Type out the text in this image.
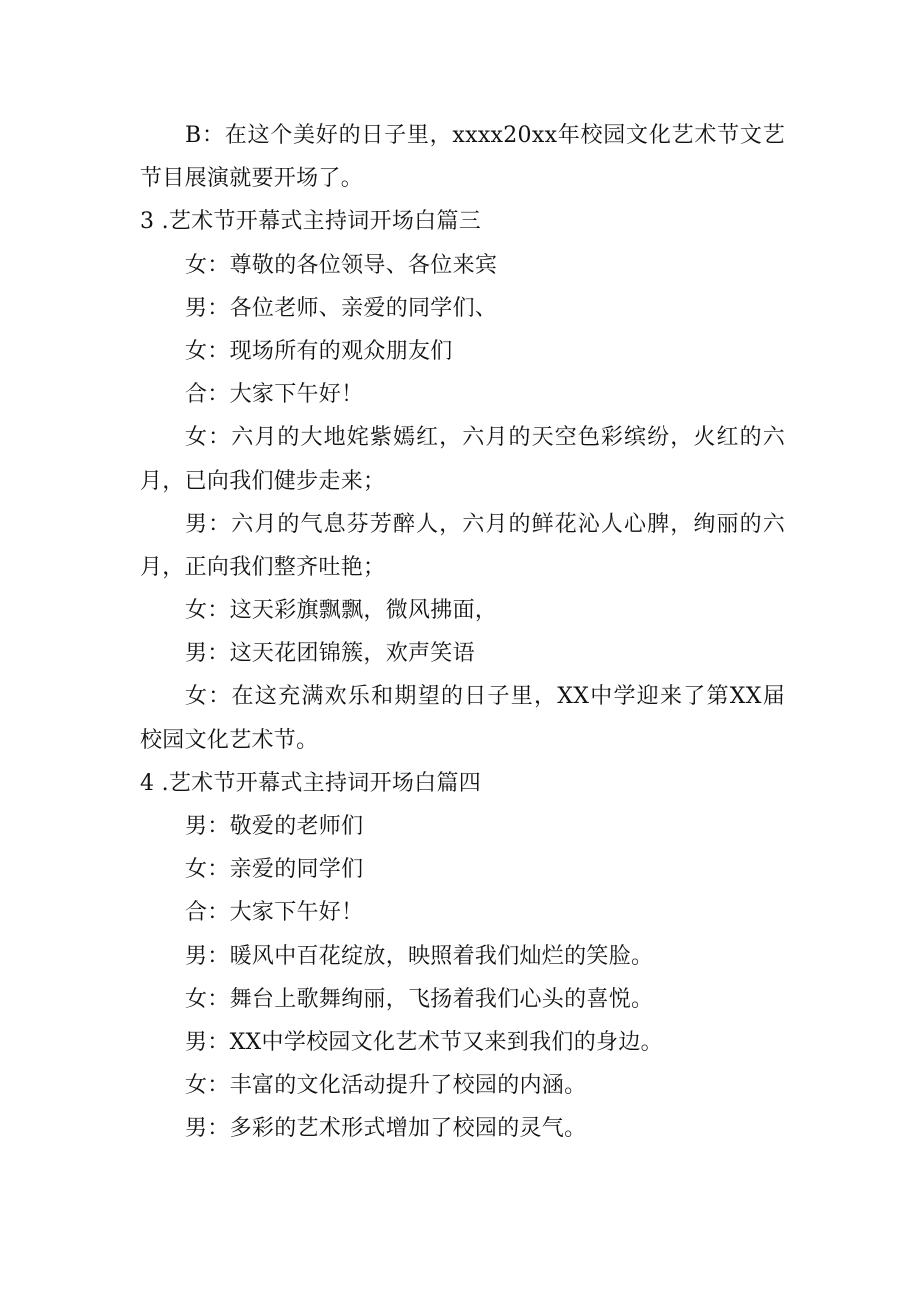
B：在这个美好的日子里，xxxx20xx年校园文化艺术节文艺
节目展演就要开场了。
3 .艺术节开幕式主持词开场白篇三
女：尊敬的各位领导、各位来宾
男：各位老师、亲爱的同学们、
女：现场所有的观众朋友们
合：大家下午好！
女：六月的大地姹紫嫣红，六月的天空色彩缤纷，火红的六
月，已向我们健步走来；
男：六月的气息芬芳醉人，六月的鲜花沁人心脾，绚丽的六
月，正向我们整齐吐艳；
女：这天彩旗飘飘，微风拂面，
男：这天花团锦簇，欢声笑语
女：在这充满欢乐和期望的日子里，XX中学迎来了第XX届
校园文化艺术节。
4 .艺术节开幕式主持词开场白篇四
男：敬爱的老师们
女：亲爱的同学们
合：大家下午好！
男：暖风中百花绽放，映照着我们灿烂的笑脸。
女：舞台上歌舞绚丽，飞扬着我们心头的喜悦。
男：XX中学校园文化艺术节又来到我们的身边。
女：丰富的文化活动提升了校园的内涵。
男：多彩的艺术形式增加了校园的灵气。
